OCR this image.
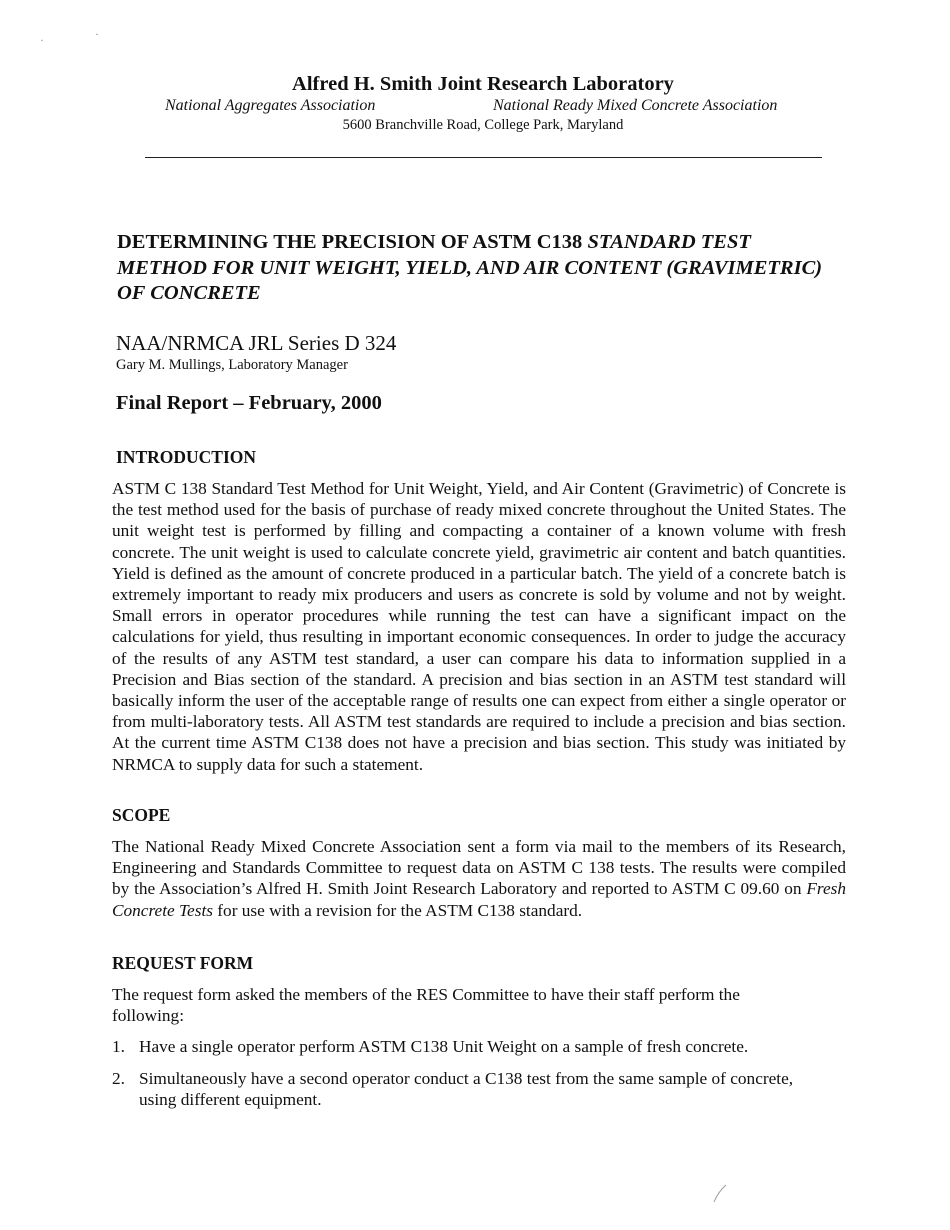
Alfred H. Smith Joint Research Laboratory
National Aggregates Association	National Ready Mixed Concrete Association
5600 Branchville Road, College Park, Maryland
DETERMINING THE PRECISION OF ASTM C138 STANDARD TEST METHOD FOR UNIT WEIGHT, YIELD, AND AIR CONTENT (GRAVIMETRIC) OF CONCRETE
NAA/NRMCA JRL Series D 324
Gary M. Mullings, Laboratory Manager
Final Report – February, 2000
INTRODUCTION
ASTM C 138 Standard Test Method for Unit Weight, Yield, and Air Content (Gravimetric) of Concrete is the test method used for the basis of purchase of ready mixed concrete throughout the United States. The unit weight test is performed by filling and compacting a container of a known volume with fresh concrete. The unit weight is used to calculate concrete yield, gravimetric air content and batch quantities. Yield is defined as the amount of concrete produced in a particular batch. The yield of a concrete batch is extremely important to ready mix producers and users as concrete is sold by volume and not by weight. Small errors in operator procedures while running the test can have a significant impact on the calculations for yield, thus resulting in important economic consequences. In order to judge the accuracy of the results of any ASTM test standard, a user can compare his data to information supplied in a Precision and Bias section of the standard. A precision and bias section in an ASTM test standard will basically inform the user of the acceptable range of results one can expect from either a single operator or from multi-laboratory tests. All ASTM test standards are required to include a precision and bias section. At the current time ASTM C138 does not have a precision and bias section. This study was initiated by NRMCA to supply data for such a statement.
SCOPE
The National Ready Mixed Concrete Association sent a form via mail to the members of its Research, Engineering and Standards Committee to request data on ASTM C 138 tests. The results were compiled by the Association’s Alfred H. Smith Joint Research Laboratory and reported to ASTM C 09.60 on Fresh Concrete Tests for use with a revision for the ASTM C138 standard.
REQUEST FORM
The request form asked the members of the RES Committee to have their staff perform the following:
1. Have a single operator perform ASTM C138 Unit Weight on a sample of fresh concrete.
2. Simultaneously have a second operator conduct a C138 test from the same sample of concrete, using different equipment.
·	·
